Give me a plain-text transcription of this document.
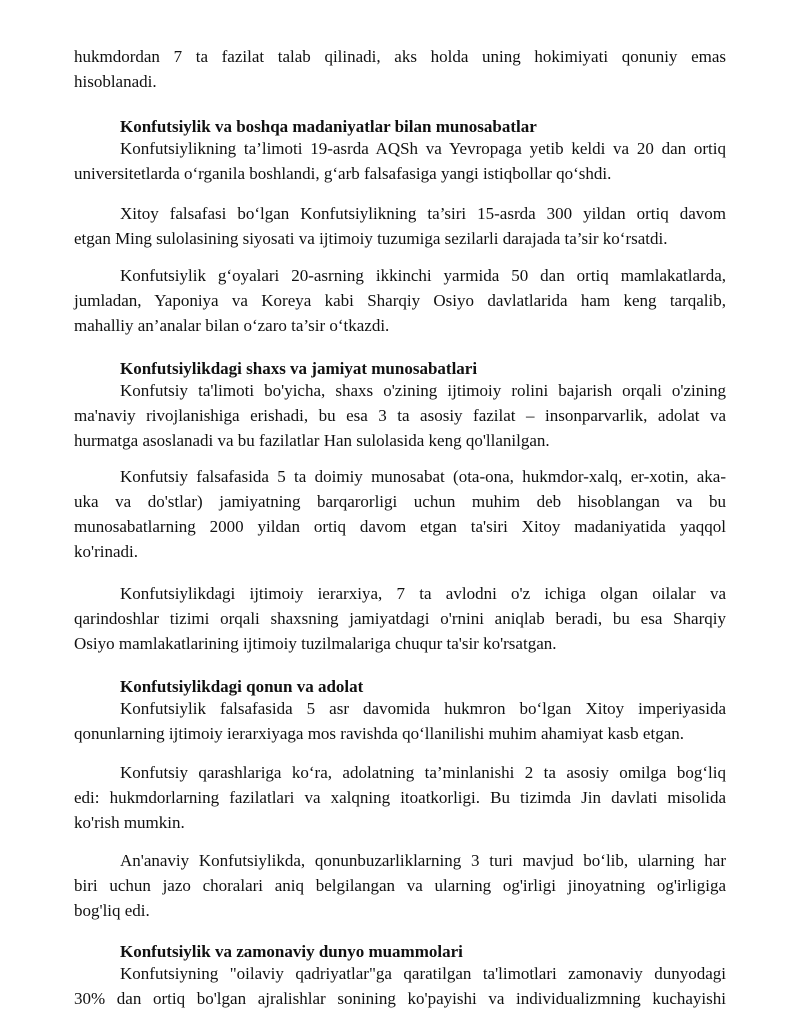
hukmdordan 7 ta fazilat talab qilinadi, aks holda uning hokimiyati qonuniy emas
hisoblanadi.
Konfutsiylik va boshqa madaniyatlar bilan munosabatlar
Konfutsiylikning ta’limoti 19-asrda AQSh va Yevropaga yetib keldi va 20 dan ortiq
universitetlarda oʻrganila boshlandi, gʻarb falsafasiga yangi istiqbollar qoʻshdi.
Xitoy falsafasi boʻlgan Konfutsiylikning ta’siri 15-asrda 300 yildan ortiq davom
etgan Ming sulolasining siyosati va ijtimoiy tuzumiga sezilarli darajada ta’sir koʻrsatdi.
Konfutsiylik gʻoyalari 20-asrning ikkinchi yarmida 50 dan ortiq mamlakatlarda,
jumladan, Yaponiya va Koreya kabi Sharqiy Osiyo davlatlarida ham keng tarqalib,
mahalliy an’analar bilan oʻzaro ta’sir oʻtkazdi.
Konfutsiylikdagi shaxs va jamiyat munosabatlari
Konfutsiy ta'limoti bo'yicha, shaxs o'zining ijtimoiy rolini bajarish orqali o'zining
ma'naviy rivojlanishiga erishadi, bu esa 3 ta asosiy fazilat – insonparvarlik, adolat va
hurmatga asoslanadi va bu fazilatlar Han sulolasida keng qo'llanilgan.
Konfutsiy falsafasida 5 ta doimiy munosabat (ota-ona, hukmdor-xalq, er-xotin, aka-
uka va do'stlar) jamiyatning barqarorligi uchun muhim deb hisoblangan va bu
munosabatlarning 2000 yildan ortiq davom etgan ta'siri Xitoy madaniyatida yaqqol
ko'rinadi.
Konfutsiylikdagi ijtimoiy ierarxiya, 7 ta avlodni o'z ichiga olgan oilalar va
qarindoshlar tizimi orqali shaxsning jamiyatdagi o'rnini aniqlab beradi, bu esa Sharqiy
Osiyo mamlakatlarining ijtimoiy tuzilmalariga chuqur ta'sir ko'rsatgan.
Konfutsiylikdagi qonun va adolat
Konfutsiylik falsafasida 5 asr davomida hukmron boʻlgan Xitoy imperiyasida
qonunlarning ijtimoiy ierarxiyaga mos ravishda qoʻllanilishi muhim ahamiyat kasb etgan.
Konfutsiy qarashlariga koʻra, adolatning ta’minlanishi 2 ta asosiy omilga bogʻliq
edi: hukmdorlarning fazilatlari va xalqning itoatkorligi. Bu tizimda Jin davlati misolida
ko'rish mumkin.
An'anaviy Konfutsiylikda, qonunbuzarliklarning 3 turi mavjud boʻlib, ularning har
biri uchun jazo choralari aniq belgilangan va ularning og'irligi jinoyatning og'irligiga
bog'liq edi.
Konfutsiylik va zamonaviy dunyo muammolari
Konfutsiyning "oilaviy qadriyatlar"ga qaratilgan ta'limotlari zamonaviy dunyodagi
30% dan ortiq bo'lgan ajralishlar sonining ko'payishi va individualizmning kuchayishi
